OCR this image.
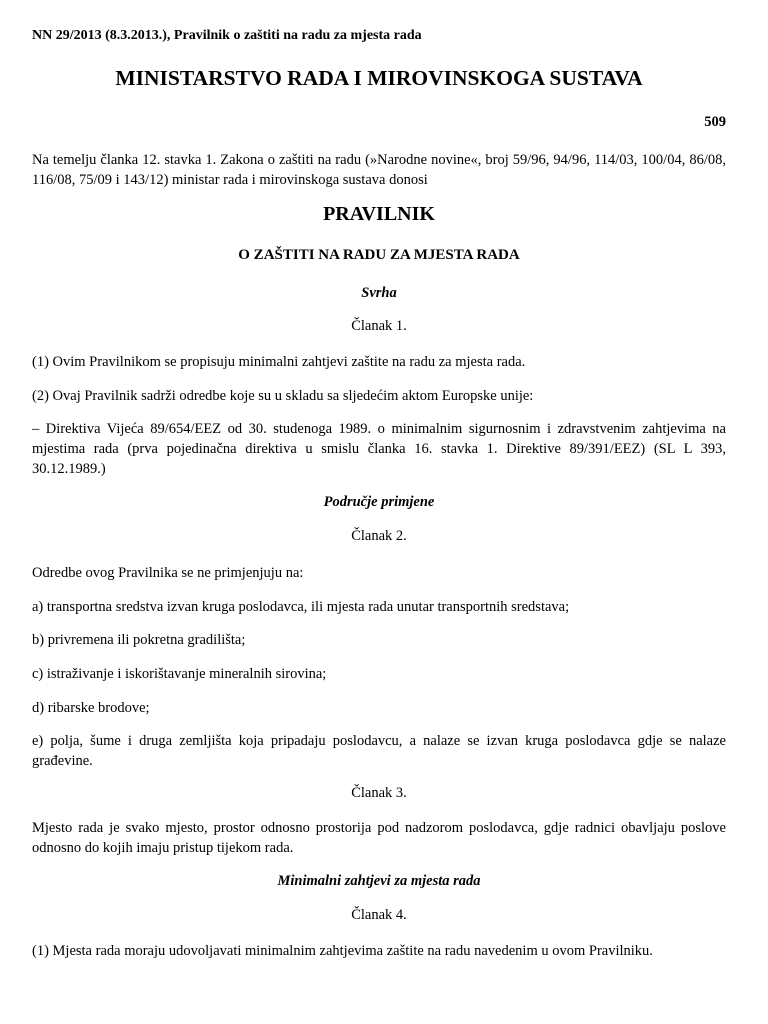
NN 29/2013 (8.3.2013.), Pravilnik o zaštiti na radu za mjesta rada
MINISTARSTVO RADA I MIROVINSKOGA SUSTAVA
509
Na temelju članka 12. stavka 1. Zakona o zaštiti na radu (»Narodne novine«, broj 59/96, 94/96, 114/03, 100/04, 86/08, 116/08, 75/09 i 143/12) ministar rada i mirovinskoga sustava donosi
PRAVILNIK
O ZAŠTITI NA RADU ZA MJESTA RADA
Svrha
Članak 1.
(1) Ovim Pravilnikom se propisuju minimalni zahtjevi zaštite na radu za mjesta rada.
(2) Ovaj Pravilnik sadrži odredbe koje su u skladu sa sljedećim aktom Europske unije:
– Direktiva Vijeća 89/654/EEZ od 30. studenoga 1989. o minimalnim sigurnosnim i zdravstvenim zahtjevima na mjestima rada (prva pojedinačna direktiva u smislu članka 16. stavka 1. Direktive 89/391/EEZ) (SL L 393, 30.12.1989.)
Područje primjene
Članak 2.
Odredbe ovog Pravilnika se ne primjenjuju na:
a) transportna sredstva izvan kruga poslodavca, ili mjesta rada unutar transportnih sredstava;
b) privremena ili pokretna gradilišta;
c) istraživanje i iskorištavanje mineralnih sirovina;
d) ribarske brodove;
e) polja, šume i druga zemljišta koja pripadaju poslodavcu, a nalaze se izvan kruga poslodavca gdje se nalaze građevine.
Članak 3.
Mjesto rada je svako mjesto, prostor odnosno prostorija pod nadzorom poslodavca, gdje radnici obavljaju poslove odnosno do kojih imaju pristup tijekom rada.
Minimalni zahtjevi za mjesta rada
Članak 4.
(1) Mjesta rada moraju udovoljavati minimalnim zahtjevima zaštite na radu navedenim u ovom Pravilniku.
